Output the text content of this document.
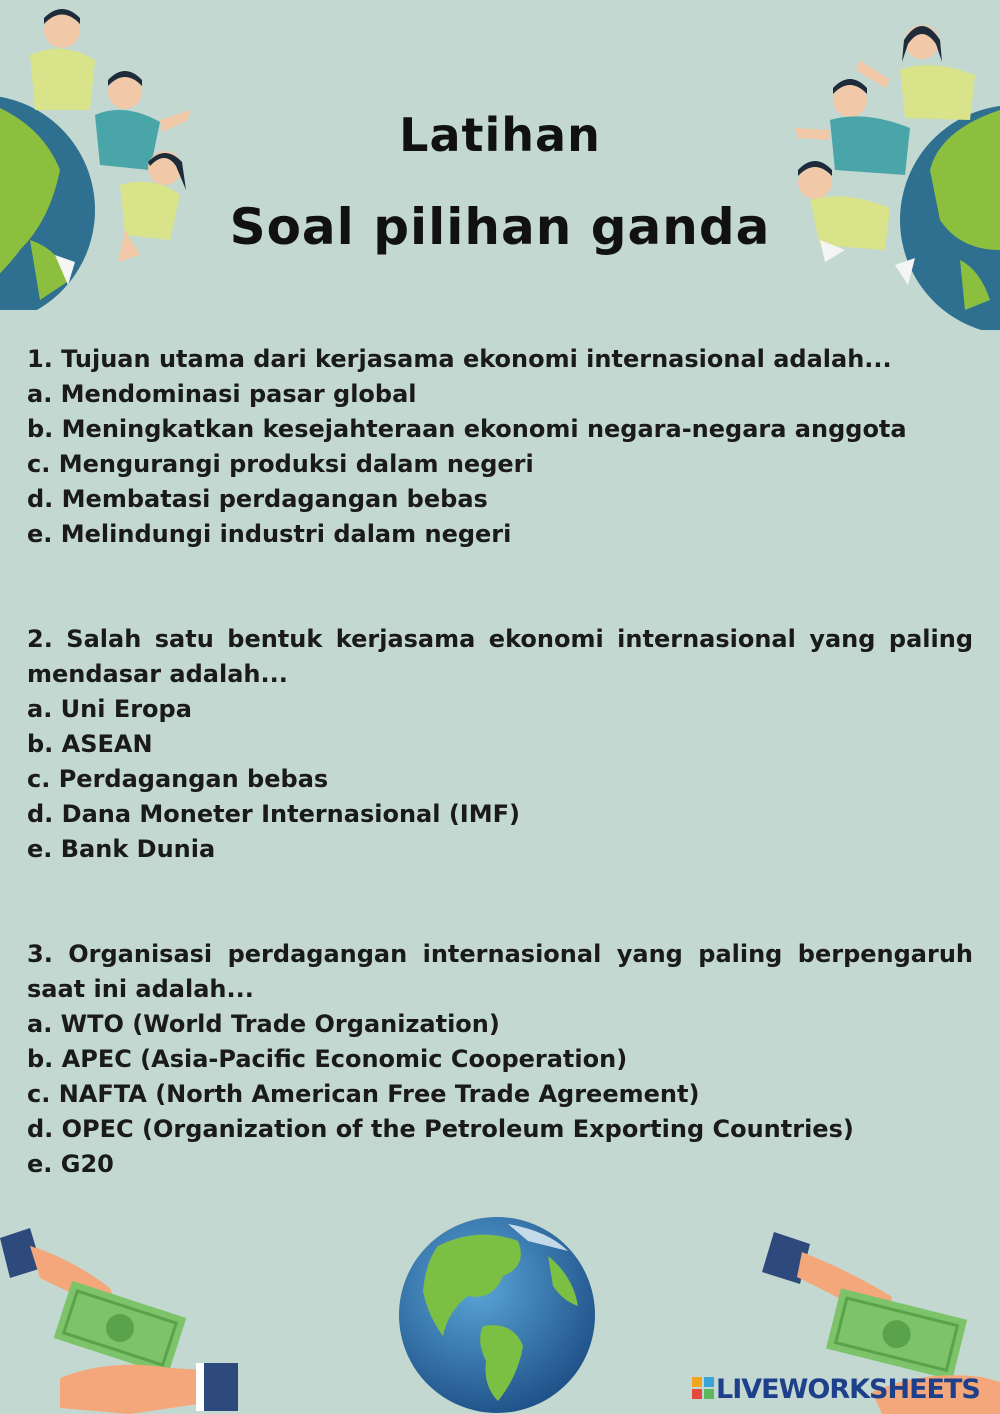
Latihan
Soal pilihan ganda
1. Tujuan utama dari kerjasama ekonomi internasional adalah...
a. Mendominasi pasar global
b. Meningkatkan kesejahteraan ekonomi negara-negara anggota
c. Mengurangi produksi dalam negeri
d. Membatasi perdagangan bebas
e. Melindungi industri dalam negeri
2. Salah satu bentuk kerjasama ekonomi internasional yang paling mendasar adalah...
a. Uni Eropa
b. ASEAN
c. Perdagangan bebas
d. Dana Moneter Internasional (IMF)
e. Bank Dunia
3. Organisasi perdagangan internasional yang paling berpengaruh saat ini adalah...
a. WTO (World Trade Organization)
b. APEC (Asia-Pacific Economic Cooperation)
c. NAFTA (North American Free Trade Agreement)
d. OPEC (Organization of the Petroleum Exporting Countries)
e. G20
LIVEWORKSHEETS
